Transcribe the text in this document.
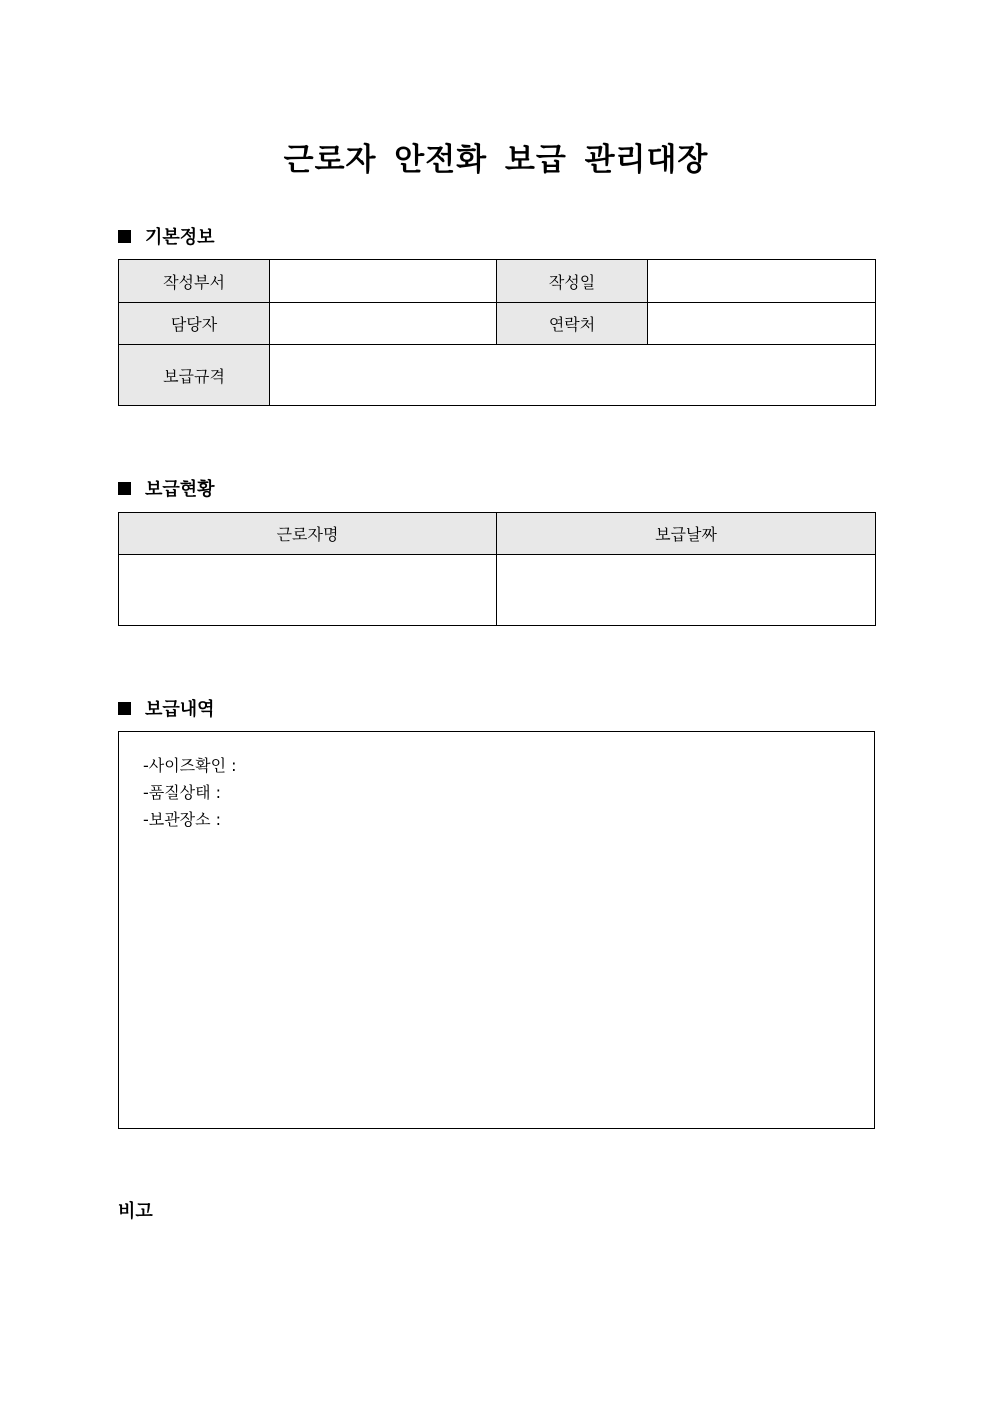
근로자 안전화 보급 관리대장
기본정보
작성부서		작성일	
담당자		연락처	
보급규격			
보급현황
근로자명	보급날짜

보급내역
-사이즈확인 :
-품질상태 :
-보관장소 :
비고
